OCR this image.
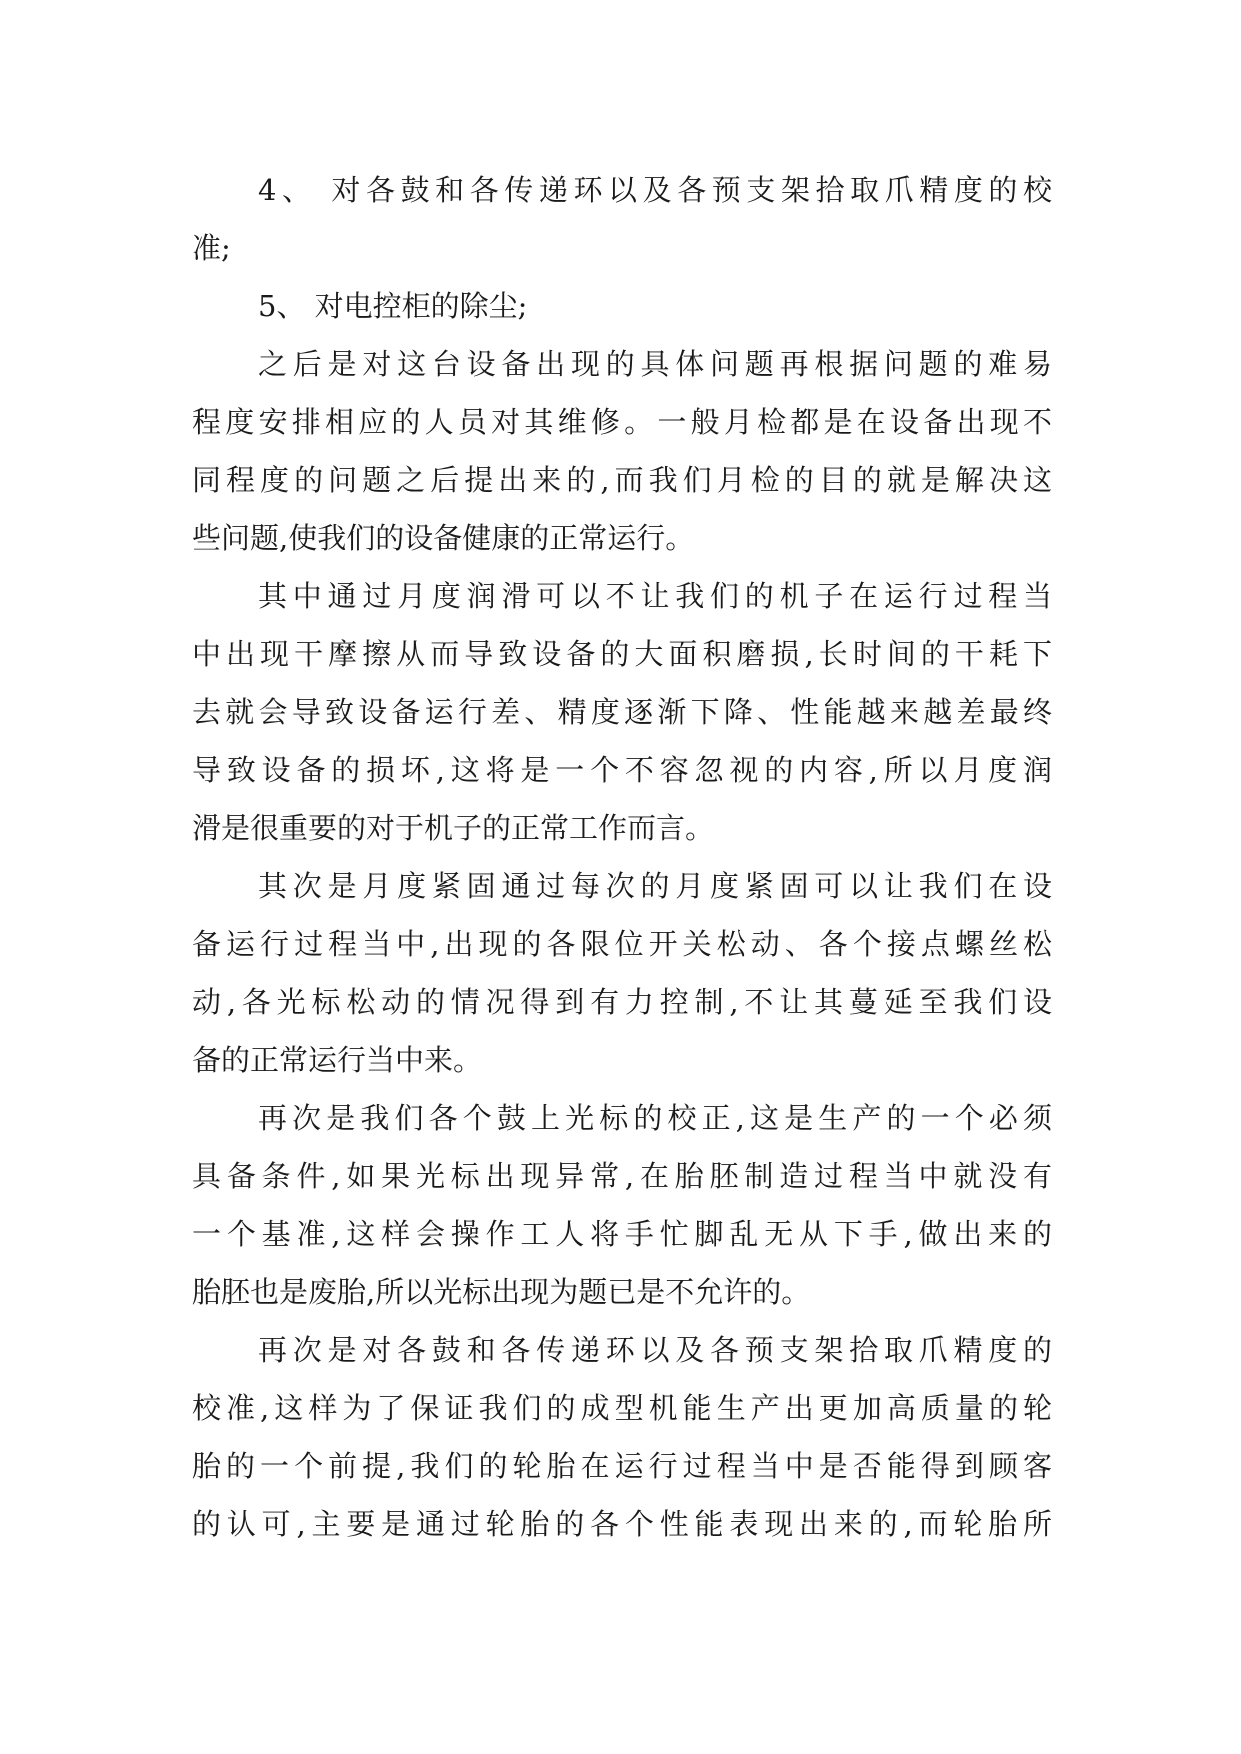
4、 对各鼓和各传递环以及各预支架拾取爪精度的校
准;
5、 对电控柜的除尘;
之后是对这台设备出现的具体问题再根据问题的难易
程度安排相应的人员对其维修。一般月检都是在设备出现不
同程度的问题之后提出来的,而我们月检的目的就是解决这
些问题,使我们的设备健康的正常运行。
其中通过月度润滑可以不让我们的机子在运行过程当
中出现干摩擦从而导致设备的大面积磨损,长时间的干耗下
去就会导致设备运行差、精度逐渐下降、性能越来越差最终
导致设备的损坏,这将是一个不容忽视的内容,所以月度润
滑是很重要的对于机子的正常工作而言。
其次是月度紧固通过每次的月度紧固可以让我们在设
备运行过程当中,出现的各限位开关松动、各个接点螺丝松
动,各光标松动的情况得到有力控制,不让其蔓延至我们设
备的正常运行当中来。
再次是我们各个鼓上光标的校正,这是生产的一个必须
具备条件,如果光标出现异常,在胎胚制造过程当中就没有
一个基准,这样会操作工人将手忙脚乱无从下手,做出来的
胎胚也是废胎,所以光标出现为题已是不允许的。
再次是对各鼓和各传递环以及各预支架拾取爪精度的
校准,这样为了保证我们的成型机能生产出更加高质量的轮
胎的一个前提,我们的轮胎在运行过程当中是否能得到顾客
的认可,主要是通过轮胎的各个性能表现出来的,而轮胎所
